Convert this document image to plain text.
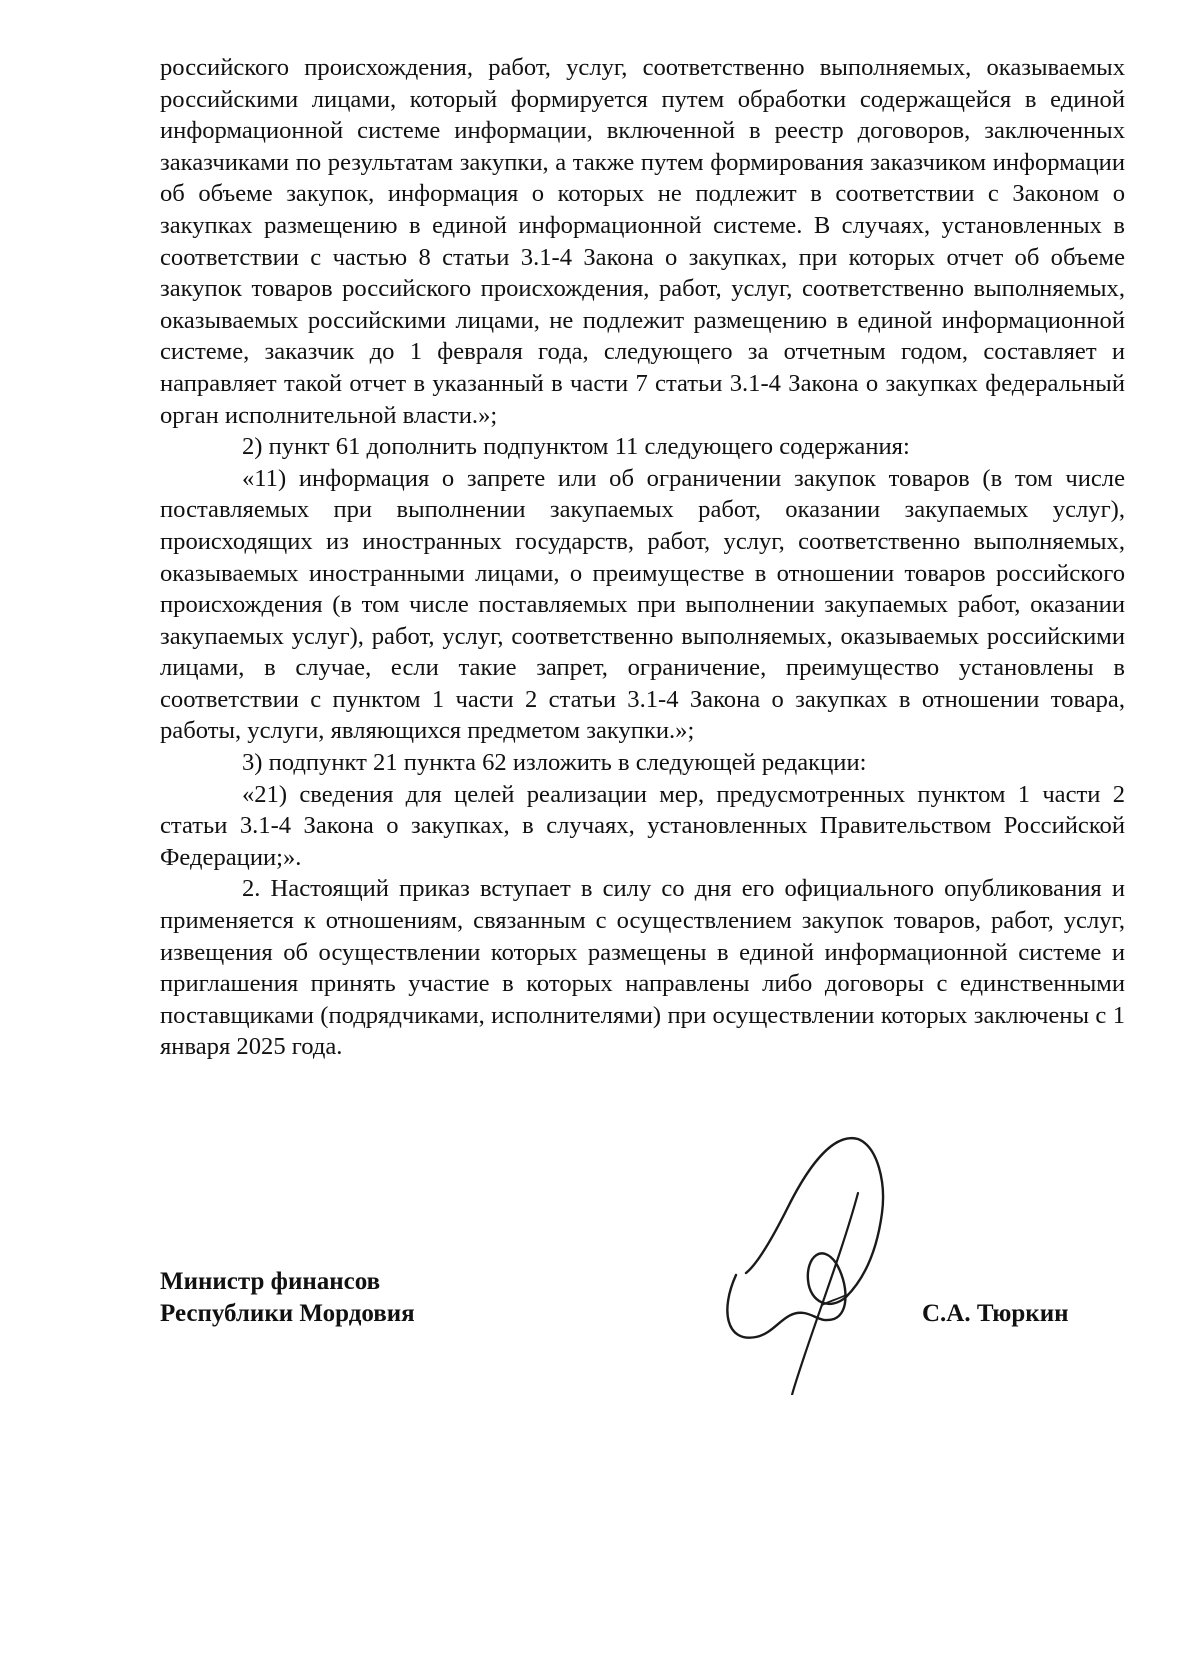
российского происхождения, работ, услуг, соответственно выполняемых, оказываемых российскими лицами, который формируется путем обработки содержащейся в единой информационной системе информации, включенной в реестр договоров, заключенных заказчиками по результатам закупки, а также путем формирования заказчиком информации об объеме закупок, информация о которых не подлежит в соответствии с Законом о закупках размещению в единой информационной системе. В случаях, установленных в соответствии с частью 8 статьи 3.1-4 Закона о закупках, при которых отчет об объеме закупок товаров российского происхождения, работ, услуг, соответственно выполняемых, оказываемых российскими лицами, не подлежит размещению в единой информационной системе, заказчик до 1 февраля года, следующего за отчетным годом, составляет и направляет такой отчет в указанный в части 7 статьи 3.1-4 Закона о закупках федеральный орган исполнительной власти.»;

2) пункт 61 дополнить подпунктом 11 следующего содержания:

«11) информация о запрете или об ограничении закупок товаров (в том числе поставляемых при выполнении закупаемых работ, оказании закупаемых услуг), происходящих из иностранных государств, работ, услуг, соответственно выполняемых, оказываемых иностранными лицами, о преимуществе в отношении товаров российского происхождения (в том числе поставляемых при выполнении закупаемых работ, оказании закупаемых услуг), работ, услуг, соответственно выполняемых, оказываемых российскими лицами, в случае, если такие запрет, ограничение, преимущество установлены в соответствии с пунктом 1 части 2 статьи 3.1-4 Закона о закупках в отношении товара, работы, услуги, являющихся предметом закупки.»;

3) подпункт 21 пункта 62 изложить в следующей редакции:

«21) сведения для целей реализации мер, предусмотренных пунктом 1 части 2 статьи 3.1-4 Закона о закупках, в случаях, установленных Правительством Российской Федерации;».

2. Настоящий приказ вступает в силу со дня его официального опубликования и применяется к отношениям, связанным с осуществлением закупок товаров, работ, услуг, извещения об осуществлении которых размещены в единой информационной системе и приглашения принять участие в которых направлены либо договоры с единственными поставщиками (подрядчиками, исполнителями) при осуществлении которых заключены с 1 января 2025 года.

Министр финансов
Республики Мордовия	С.А. Тюркин
